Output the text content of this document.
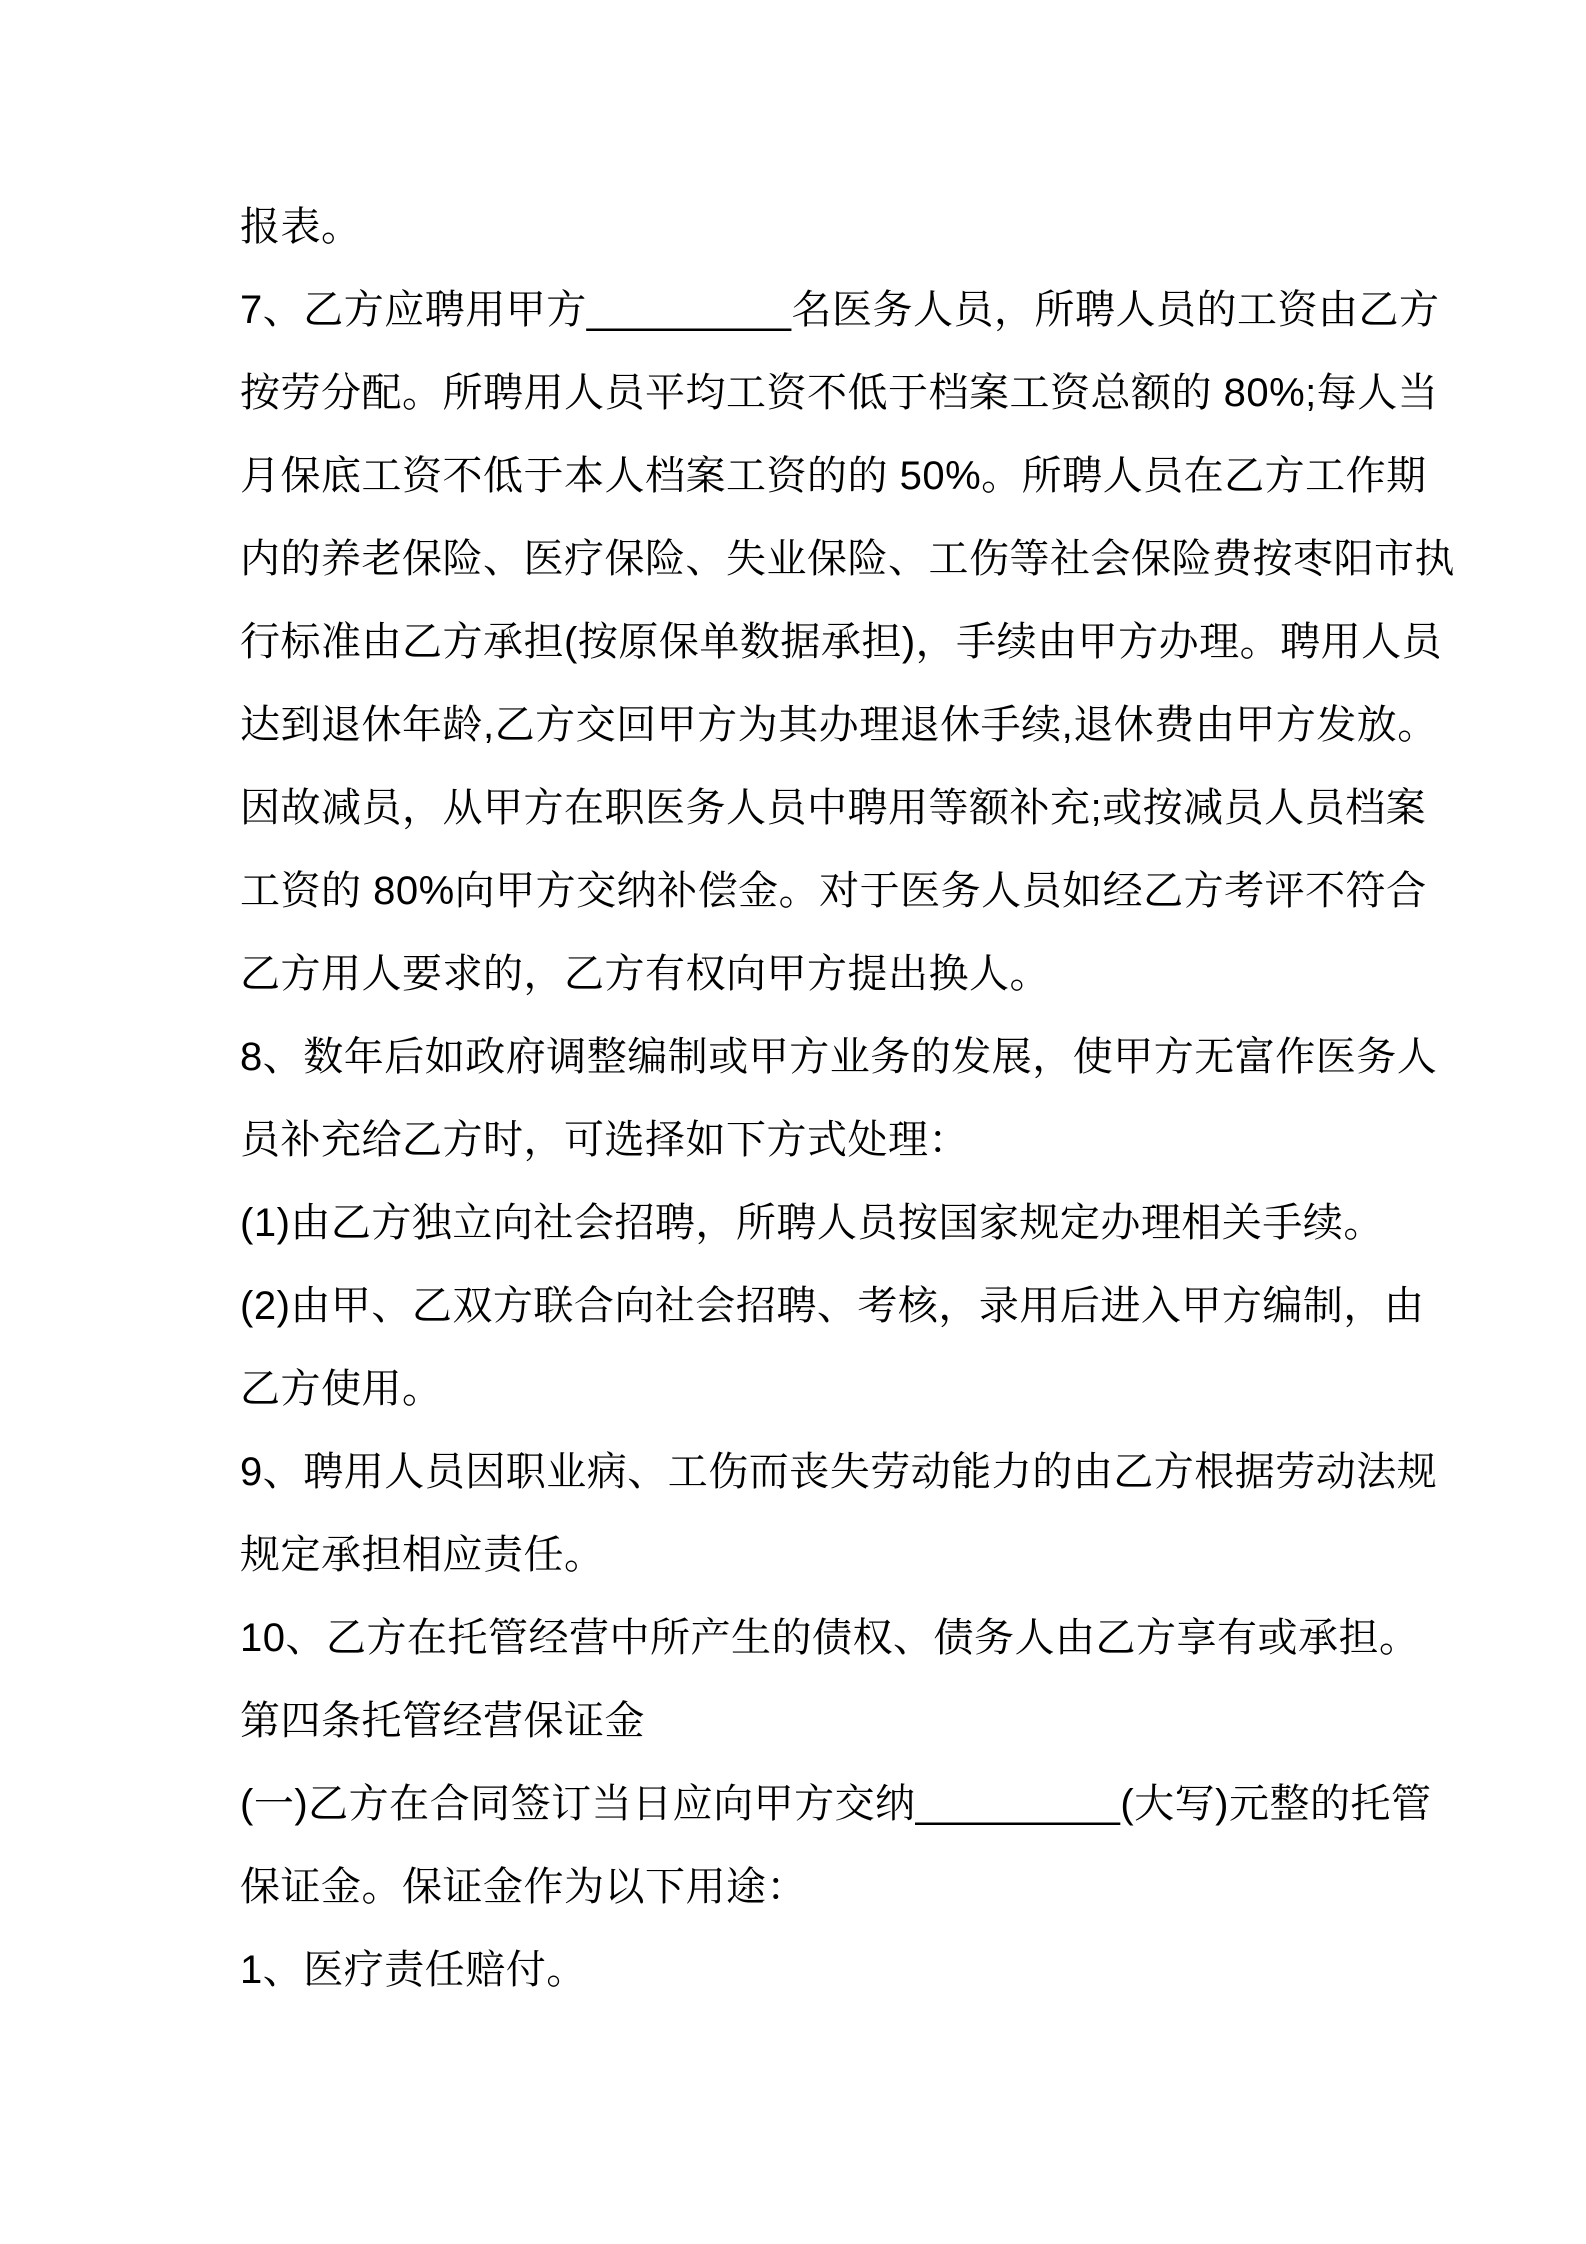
报表。
7、乙方应聘用甲方_________名医务人员，所聘人员的工资由乙方
按劳分配。所聘用人员平均工资不低于档案工资总额的 80%;每人当
月保底工资不低于本人档案工资的的 50%。所聘人员在乙方工作期
内的养老保险、医疗保险、失业保险、工伤等社会保险费按枣阳市执
行标准由乙方承担(按原保单数据承担)，手续由甲方办理。聘用人员
达到退休年龄,乙方交回甲方为其办理退休手续,退休费由甲方发放。
因故减员，从甲方在职医务人员中聘用等额补充;或按减员人员档案
工资的 80%向甲方交纳补偿金。对于医务人员如经乙方考评不符合
乙方用人要求的，乙方有权向甲方提出换人。
8、数年后如政府调整编制或甲方业务的发展，使甲方无富作医务人
员补充给乙方时，可选择如下方式处理：
(1)由乙方独立向社会招聘，所聘人员按国家规定办理相关手续。
(2)由甲、乙双方联合向社会招聘、考核，录用后进入甲方编制，由
乙方使用。
9、聘用人员因职业病、工伤而丧失劳动能力的由乙方根据劳动法规
规定承担相应责任。
10、乙方在托管经营中所产生的债权、债务人由乙方享有或承担。
第四条托管经营保证金
(一)乙方在合同签订当日应向甲方交纳_________(大写)元整的托管
保证金。保证金作为以下用途：
1、医疗责任赔付。
